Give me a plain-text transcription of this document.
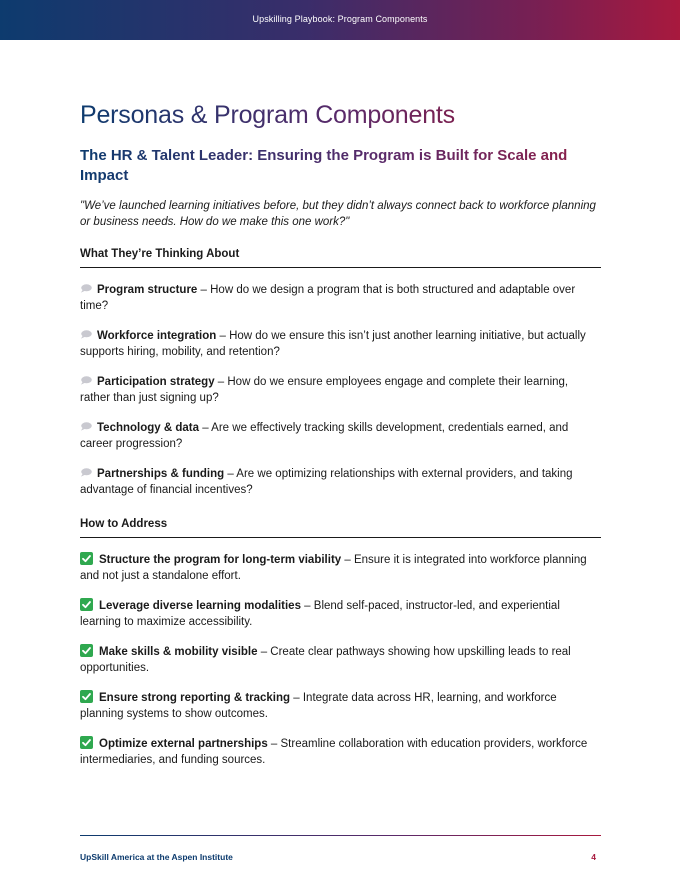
Upskilling Playbook: Program Components
Personas & Program Components
The HR & Talent Leader: Ensuring the Program is Built for Scale and Impact

"We’ve launched learning initiatives before, but they didn’t always connect back to workforce planning or business needs. How do we make this one work?"

What They’re Thinking About
Program structure – How do we design a program that is both structured and adaptable over time?
Workforce integration – How do we ensure this isn’t just another learning initiative, but actually supports hiring, mobility, and retention?
Participation strategy – How do we ensure employees engage and complete their learning, rather than just signing up?
Technology & data – Are we effectively tracking skills development, credentials earned, and career progression?
Partnerships & funding – Are we optimizing relationships with external providers, and taking advantage of financial incentives?
How to Address
Structure the program for long-term viability – Ensure it is integrated into workforce planning and not just a standalone effort.
Leverage diverse learning modalities – Blend self-paced, instructor-led, and experiential learning to maximize accessibility.
Make skills & mobility visible – Create clear pathways showing how upskilling leads to real opportunities.
Ensure strong reporting & tracking – Integrate data across HR, learning, and workforce planning systems to show outcomes.
Optimize external partnerships – Streamline collaboration with education providers, workforce intermediaries, and funding sources.
UpSkill America at the Aspen Institute	4
